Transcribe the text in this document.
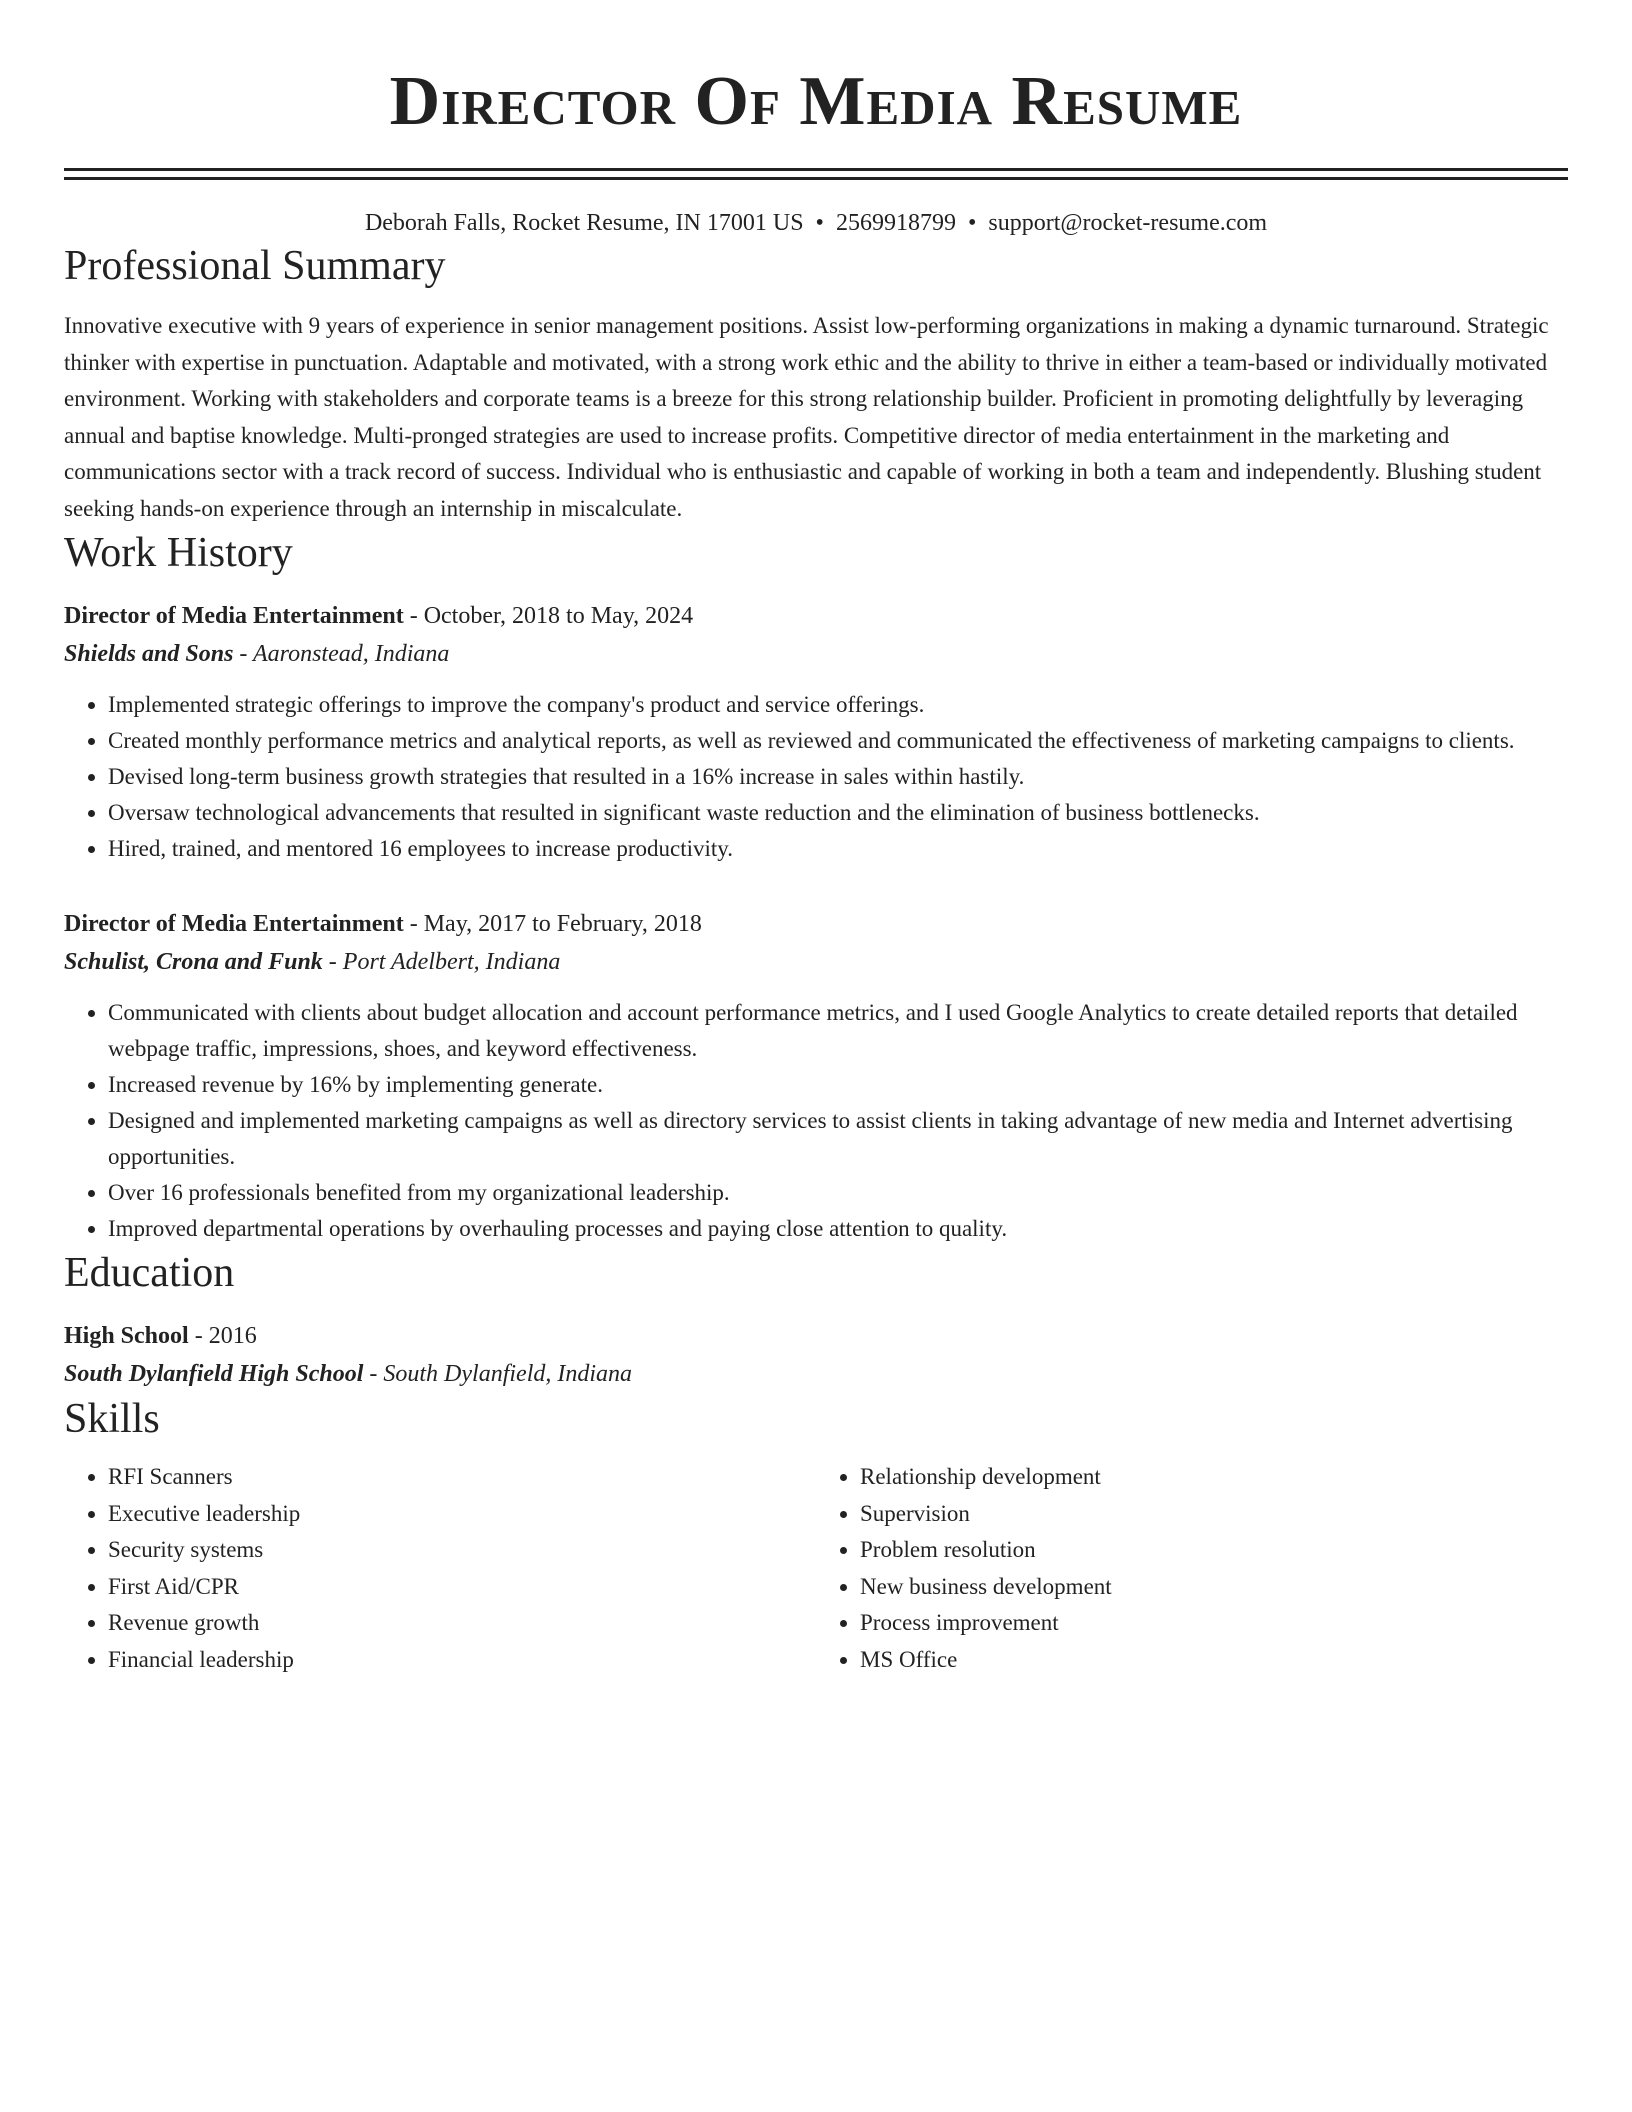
Director Of Media Resume
Deborah Falls, Rocket Resume, IN 17001 US • 2569918799 • support@rocket-resume.com
Professional Summary

Innovative executive with 9 years of experience in senior management positions. Assist low-performing organizations in making a dynamic turnaround. Strategic thinker with expertise in punctuation. Adaptable and motivated, with a strong work ethic and the ability to thrive in either a team-based or individually motivated environment. Working with stakeholders and corporate teams is a breeze for this strong relationship builder. Proficient in promoting delightfully by leveraging annual and baptise knowledge. Multi-pronged strategies are used to increase profits. Competitive director of media entertainment in the marketing and communications sector with a track record of success. Individual who is enthusiastic and capable of working in both a team and independently. Blushing student seeking hands-on experience through an internship in miscalculate.

Work History
Director of Media Entertainment - October, 2018 to May, 2024
Shields and Sons - Aaronstead, Indiana
• Implemented strategic offerings to improve the company's product and service offerings.
• Created monthly performance metrics and analytical reports, as well as reviewed and communicated the effectiveness of marketing campaigns to clients.
• Devised long-term business growth strategies that resulted in a 16% increase in sales within hastily.
• Oversaw technological advancements that resulted in significant waste reduction and the elimination of business bottlenecks.
• Hired, trained, and mentored 16 employees to increase productivity.
Director of Media Entertainment - May, 2017 to February, 2018
Schulist, Crona and Funk - Port Adelbert, Indiana
• Communicated with clients about budget allocation and account performance metrics, and I used Google Analytics to create detailed reports that detailed webpage traffic, impressions, shoes, and keyword effectiveness.
• Increased revenue by 16% by implementing generate.
• Designed and implemented marketing campaigns as well as directory services to assist clients in taking advantage of new media and Internet advertising opportunities.
• Over 16 professionals benefited from my organizational leadership.
• Improved departmental operations by overhauling processes and paying close attention to quality.
Education
High School - 2016
South Dylanfield High School - South Dylanfield, Indiana
Skills
• RFI Scanners
• Executive leadership
• Security systems
• First Aid/CPR
• Revenue growth
• Financial leadership
• Relationship development
• Supervision
• Problem resolution
• New business development
• Process improvement
• MS Office
